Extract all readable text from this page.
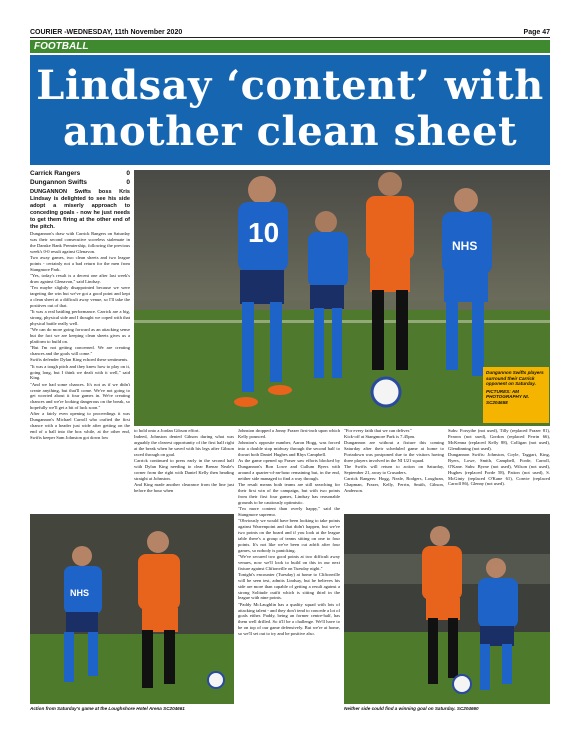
COURIER -WEDNESDAY, 11th November 2020	Page 47
FOOTBALL
Lindsay ‘content’ with
another clean sheet
Carrick Rangers	0
Dungannon Swifts	0

DUNGANNON Swifts boss Kris Lindsay is delighted to see his side adopt a miserly approach to conceding goals - now he just needs to get them firing at the other end of the pitch.

Dungannon's draw with Carrick Rangers on Saturday was their second consecutive scoreless stalemate in the Danske Bank Premiership, following the previous week's 0-0 result against Glenavon.

Two away games, two clean sheets and two league points - certainly not a bad return for the men from Stangmore Park.

"Yes, today's result is a decent one after last week's draw against Glenavon," said Lindsay.

"I'm maybe slightly disappointed because we were targeting the win but we've got a good point and kept a clean sheet at a difficult away venue, so I'll take the positives out of that.

"It was a real battling performance. Carrick are a big, strong, physical side and I thought we coped with that physical battle really well.

"We can do more going forward as an attacking sense but the fact we are keeping clean sheets gives us a platform to build on.

"But I'm not getting concerned. We are creating chances and the goals will come."

Swifts defender Dylan King echoed these sentiments.

"It was a tough pitch and they knew how to play on it, going long, but I think we dealt with it well," said King.

"And we had some chances. It's not as if we didn't create anything, but that'll come. We've not going to get worried about it four games in. We're creating chances and we're looking dangerous on the break, so hopefully we'll get a bit of luck soon."

After a fairly even opening to proceedings it was Dungannon's Michael Carroll who crafted the first chance with a header just wide after getting on the end of a ball into the box while, at the other end, Swifts keeper Sam Johnston got down low

10	NHS
Dungannon Swifts players surround their Carrick opponent on Saturday.
PICTURES: AM PHOTOGRAPHY NI. SC204658

to hold onto a Jordan Gibson effort.

Indeed, Johnston denied Gibson during what was arguably the clearest opportunity of the first half right at the break when he saved with his legs after Gibson raced through on goal.

Carrick continued to press early in the second half with Dylan King needing to clear Brenar Neale's corner from the right with Daniel Kelly then heading straight at Johnston.

And King made another clearance from the line just before the hour when

Johnston dropped a Jonny Frazer first-inch upon which Kelly pounced.

Johnston's opposite number, Aaron Hogg, was forced into a double stop midway through the second half to thwart both Daniel Hughes and Rhys Campbell.

As the game opened up Fraser saw efforts blocked by Dungannon's Ron Lowe and Cullum Byers with around a quarter-of-an-hour remaining but, in the end, neither side managed to find a way through.

The result means both teams are still searching for their first win of the campaign, but with two points from their first four games, Lindsay has reasonable grounds to be cautiously optimistic.

"I'm more content than overly happy," said the Stangmore supremo.

"Obviously we would have been looking to take points against Warrenpoint and that didn't happen, but we've two points on the board and if you look at the league table there's a group of teams sitting on one to four points. It's not like we've been cut adrift after four games, so nobody is panicking.

"We've secured two good points at two difficult away venues, now we'll look to build on this in our next fixture against Cliftonville on Tuesday night."

Tonight's encounter (Tuesday) at home to Cliftonville will be seen test, admits Lindsay, but he believes his side are more than capable of getting a result against a strong Solitude outfit which is sitting third in the league with nine points.

"Paddy McLaughlin has a quality squad with lots of attacking talent - and they don't tend to concede a lot of goals either. Paddy, being an former centre-half, has them well drilled. So it'll be a challenge. We'll have to be on top of our game defensively. But we're at home, so we'll set out to try and be positive also.

"For every faith that we can deliver."

Kick-off at Stangmore Park is 7.45pm.

Dungannon are without a fixture this coming Saturday after their scheduled game at home to Portadown was postponed due to the visitors having three players involved in the NI U21 squad.

The Swifts will return to action on Saturday, September 21, away to Crusaders.

Carrick Rangers: Hogg, Neale, Rodgers, Loughran, Chapman, Frazer, Kelly, Ferrin, Smith, Gibson, Anderson.

Subs: Forsythe (not used), Tilly (replaced Frazer 81), Fearon (not used), Gordon (replaced Ferrin 66), McKenna (replaced Kelly 88), Colligan (not used), Glendinning (not used).

Dungannon Swifts: Johnston, Coyle, Taggart, King, Byers, Lowe, Smith, Campbell, Forde, Carroll, O'Kane. Subs: Byrne (not used), Wilson (not used), Hughes (replaced Forde 58), Patton (not used), S. McGinty (replaced O'Kane 61), Convie (replaced Carroll 86), Glenny (not used).

NHS
Action from Saturday's game at the Loughshore Hotel Arena SC204661	Neither side could find a winning goal on Saturday. SC204660
